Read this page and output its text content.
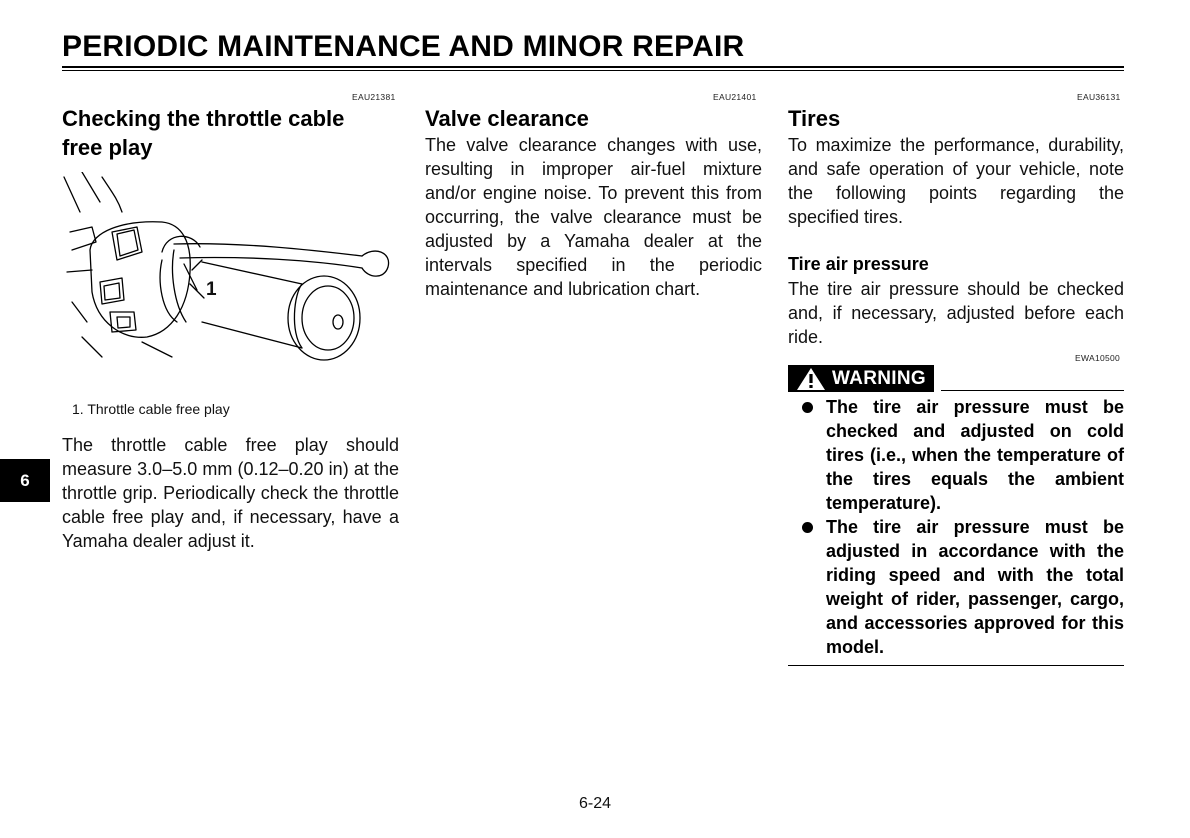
PERIODIC MAINTENANCE AND MINOR REPAIR
EAU21381
Checking the throttle cable
free play
1
1. Throttle cable free play
The throttle cable free play should measure 3.0–5.0 mm (0.12–0.20 in) at the throttle grip. Periodically check the throttle cable free play and, if necessary, have a Yamaha dealer adjust it.
EAU21401
Valve clearance
The valve clearance changes with use, resulting in improper air-fuel mixture and/or engine noise. To prevent this from occurring, the valve clearance must be adjusted by a Yamaha dealer at the intervals specified in the periodic maintenance and lubrication chart.
EAU36131
Tires
To maximize the performance, durability, and safe operation of your vehicle, note the following points regarding the specified tires.
Tire air pressure
The tire air pressure should be checked and, if necessary, adjusted before each ride.
EWA10500
WARNING
The tire air pressure must be checked and adjusted on cold tires (i.e., when the temperature of the tires equals the ambient temperature).
The tire air pressure must be adjusted in accordance with the riding speed and with the total weight of rider, passenger, cargo, and accessories approved for this model.
6
6-24
